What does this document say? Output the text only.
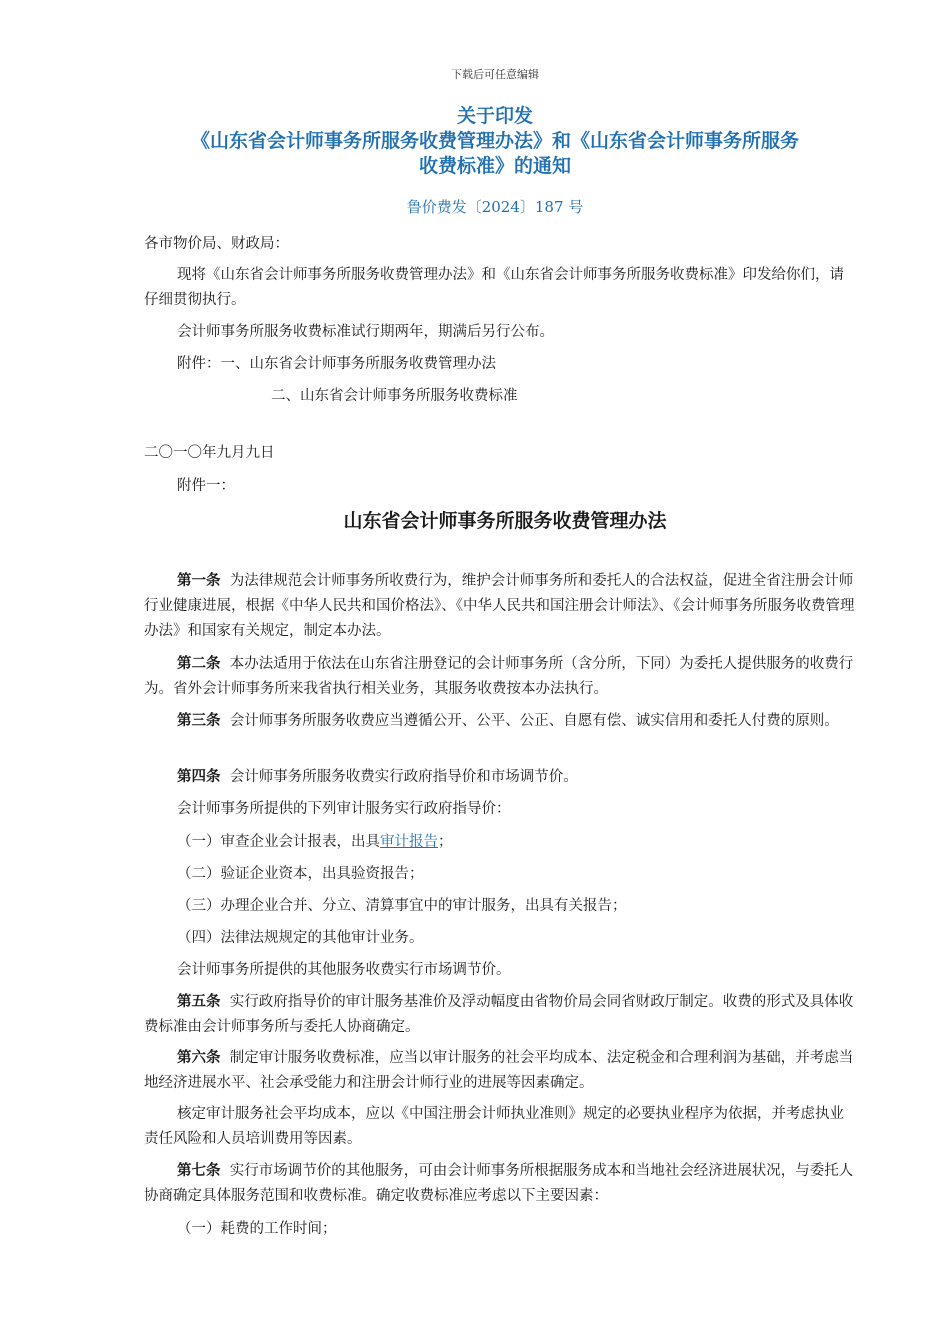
下载后可任意编辑
关于印发
《山东省会计师事务所服务收费管理办法》和《山东省会计师事务所服务
收费标准》的通知
鲁价费发〔2024〕187 号

各市物价局、财政局：

现将《山东省会计师事务所服务收费管理办法》和《山东省会计师事务所服务收费标准》印发给你们，请仔细贯彻执行。

会计师事务所服务收费标准试行期两年，期满后另行公布。

附件：一、山东省会计师事务所服务收费管理办法

二、山东省会计师事务所服务收费标准

二〇一〇年九月九日

附件一：

山东省会计师事务所服务收费管理办法

第一条 为法律规范会计师事务所收费行为，维护会计师事务所和委托人的合法权益，促进全省注册会计师行业健康进展，根据《中华人民共和国价格法》、《中华人民共和国注册会计师法》、《会计师事务所服务收费管理办法》和国家有关规定，制定本办法。

第二条 本办法适用于依法在山东省注册登记的会计师事务所（含分所，下同）为委托人提供服务的收费行为。省外会计师事务所来我省执行相关业务，其服务收费按本办法执行。

第三条 会计师事务所服务收费应当遵循公开、公平、公正、自愿有偿、诚实信用和委托人付费的原则。

第四条 会计师事务所服务收费实行政府指导价和市场调节价。

会计师事务所提供的下列审计服务实行政府指导价：

（一）审查企业会计报表，出具审计报告；

（二）验证企业资本，出具验资报告；

（三）办理企业合并、分立、清算事宜中的审计服务，出具有关报告；

（四）法律法规规定的其他审计业务。

会计师事务所提供的其他服务收费实行市场调节价。

第五条 实行政府指导价的审计服务基准价及浮动幅度由省物价局会同省财政厅制定。收费的形式及具体收费标准由会计师事务所与委托人协商确定。

第六条 制定审计服务收费标准，应当以审计服务的社会平均成本、法定税金和合理利润为基础，并考虑当地经济进展水平、社会承受能力和注册会计师行业的进展等因素确定。

核定审计服务社会平均成本，应以《中国注册会计师执业准则》规定的必要执业程序为依据，并考虑执业责任风险和人员培训费用等因素。

第七条 实行市场调节价的其他服务，可由会计师事务所根据服务成本和当地社会经济进展状况，与委托人协商确定具体服务范围和收费标准。确定收费标准应考虑以下主要因素：

（一）耗费的工作时间；
